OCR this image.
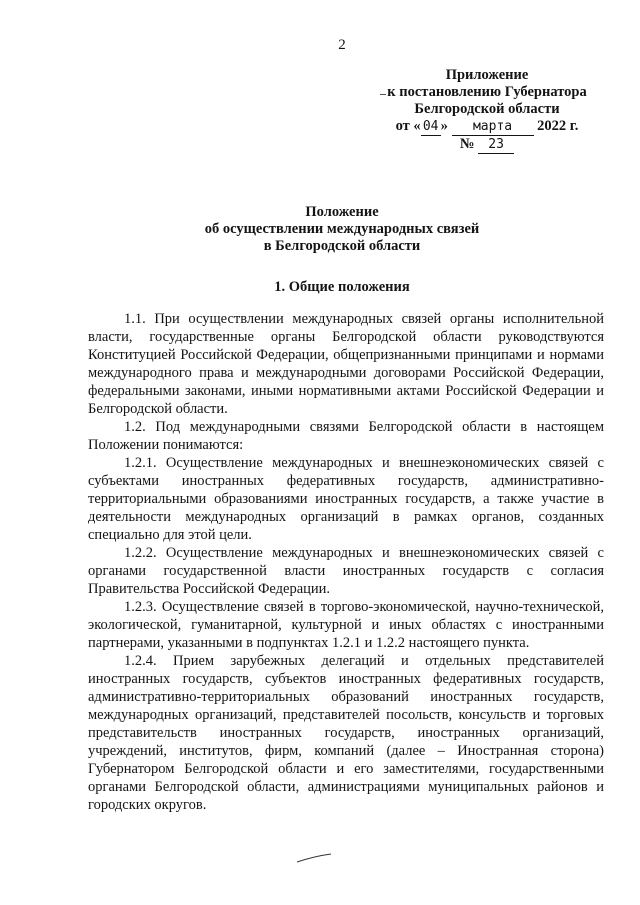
2
Приложение
к постановлению Губернатора
Белгородской области
от « 04 » марта 2022 г.
№ 23
Положение
об осуществлении международных связей
в Белгородской области
1. Общие положения

1.1. При осуществлении международных связей органы исполнительной власти, государственные органы Белгородской области руководствуются Конституцией Российской Федерации, общепризнанными принципами и нормами международного права и международными договорами Российской Федерации, федеральными законами, иными нормативными актами Российской Федерации и Белгородской области.

1.2. Под международными связями Белгородской области в настоящем Положении понимаются:

1.2.1. Осуществление международных и внешнеэкономических связей с субъектами иностранных федеративных государств, административно-территориальными образованиями иностранных государств, а также участие в деятельности международных организаций в рамках органов, созданных специально для этой цели.

1.2.2. Осуществление международных и внешнеэкономических связей с органами государственной власти иностранных государств с согласия Правительства Российской Федерации.

1.2.3. Осуществление связей в торгово-экономической, научно-технической, экологической, гуманитарной, культурной и иных областях с иностранными партнерами, указанными в подпунктах 1.2.1 и 1.2.2 настоящего пункта.

1.2.4. Прием зарубежных делегаций и отдельных представителей иностранных государств, субъектов иностранных федеративных государств, административно-территориальных образований иностранных государств, международных организаций, представителей посольств, консульств и торговых представительств иностранных государств, иностранных организаций, учреждений, институтов, фирм, компаний (далее – Иностранная сторона) Губернатором Белгородской области и его заместителями, государственными органами Белгородской области, администрациями муниципальных районов и городских округов.
